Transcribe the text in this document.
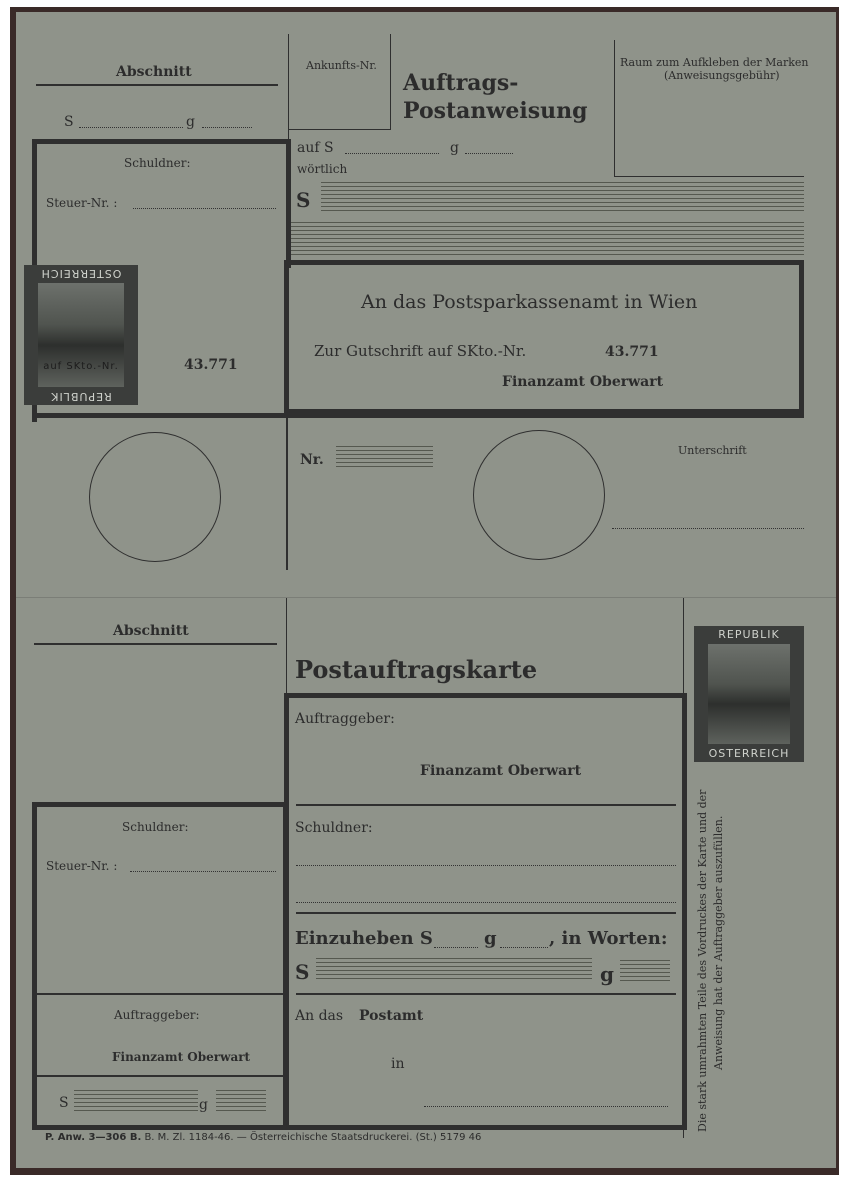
Abschnitt
S	g
Ankunfts-Nr.
Auftrags-
Postanweisung
Raum zum Aufkleben der Marken
(Anweisungsgebühr)
auf S	g
wörtlich
S
Schuldner:
Steuer-Nr. :
OSTERREICH
REPUBLIK
auf SKto.-Nr.	43.771
An das Postsparkassenamt in Wien
Zur Gutschrift auf SKto.-Nr.	43.771
Finanzamt Oberwart
Nr.
Unterschrift
Abschnitt
Postauftragskarte
REPUBLIK
OSTERREICH
Auftraggeber:
Finanzamt Oberwart
Schuldner:
Einzuheben S	g	, in Worten:
S	g
An das Postamt
in
Schuldner:
Steuer-Nr. :
Auftraggeber:
Finanzamt Oberwart
S	g	Die stark umrahmten Teile des Vordruckes der Karte und der Anweisung hat der Auftraggeber auszufüllen.
P. Anw. 3—306 B. B. M. Zl. 1184-46. — Österreichische Staatsdruckerei. (St.) 5179 46
